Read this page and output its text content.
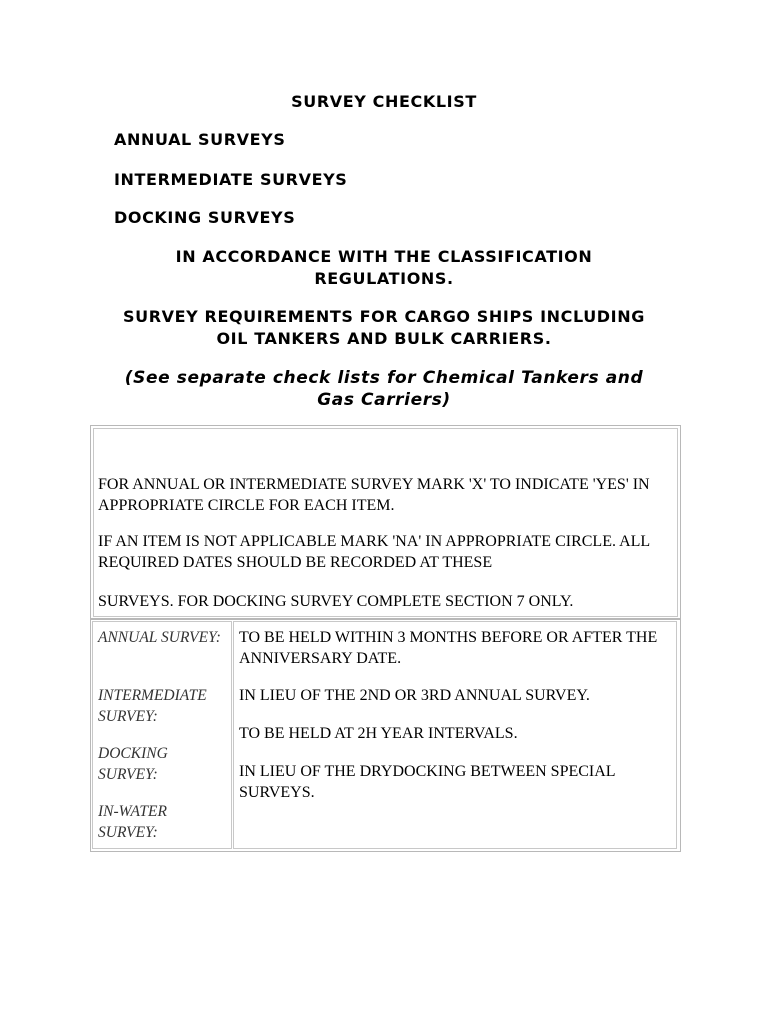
SURVEY CHECKLIST
ANNUAL SURVEYS
INTERMEDIATE SURVEYS
DOCKING SURVEYS
IN ACCORDANCE WITH THE CLASSIFICATION REGULATIONS.
SURVEY REQUIREMENTS FOR CARGO SHIPS INCLUDING OIL TANKERS AND BULK CARRIERS.
(See separate check lists for Chemical Tankers and Gas Carriers)
FOR ANNUAL OR INTERMEDIATE SURVEY MARK 'X' TO INDICATE 'YES' IN APPROPRIATE CIRCLE FOR EACH ITEM.
IF AN ITEM IS NOT APPLICABLE MARK 'NA' IN APPROPRIATE CIRCLE. ALL REQUIRED DATES SHOULD BE RECORDED AT THESE
SURVEYS. FOR DOCKING SURVEY COMPLETE SECTION 7 ONLY.
ANNUAL SURVEY:
INTERMEDIATE SURVEY:
DOCKING SURVEY:
IN-WATER SURVEY:
TO BE HELD WITHIN 3 MONTHS BEFORE OR AFTER THE ANNIVERSARY DATE.
IN LIEU OF THE 2ND OR 3RD ANNUAL SURVEY.
TO BE HELD AT 2H YEAR INTERVALS.
IN LIEU OF THE DRYDOCKING BETWEEN SPECIAL SURVEYS.
